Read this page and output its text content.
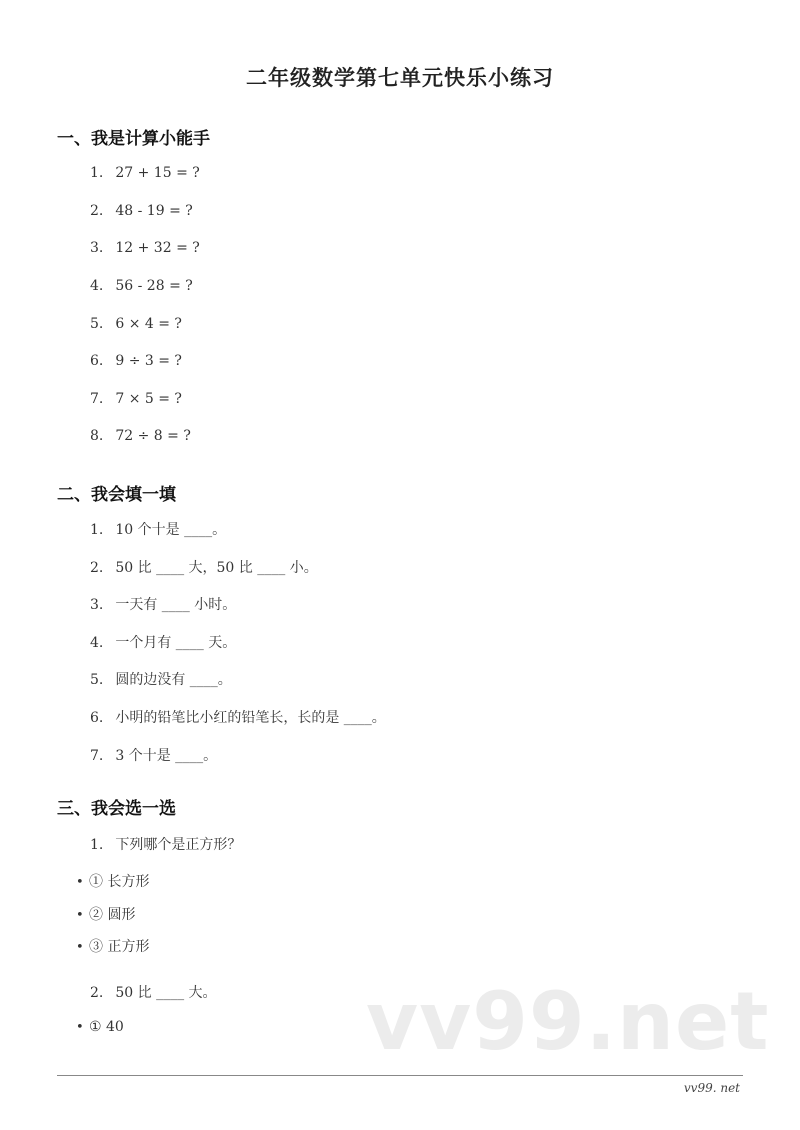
二年级数学第七单元快乐小练习
一、我是计算小能手
1. 27 + 15 = ?
2. 48 - 19 = ?
3. 12 + 32 = ?
4. 56 - 28 = ?
5. 6 × 4 = ?
6. 9 ÷ 3 = ?
7. 7 × 5 = ?
8. 72 ÷ 8 = ?
二、我会填一填
1. 10 个十是 ____。
2. 50 比 ____ 大，50 比 ____ 小。
3. 一天有 ____ 小时。
4. 一个月有 ____ 天。
5. 圆的边没有 ____。
6. 小明的铅笔比小红的铅笔长，长的是 ____。
7. 3 个十是 ____。
三、我会选一选
1. 下列哪个是正方形？
• ① 长方形
• ② 圆形
• ③ 正方形
2. 50 比 ____ 大。
• ① 40	vv99.net
vv99. net
